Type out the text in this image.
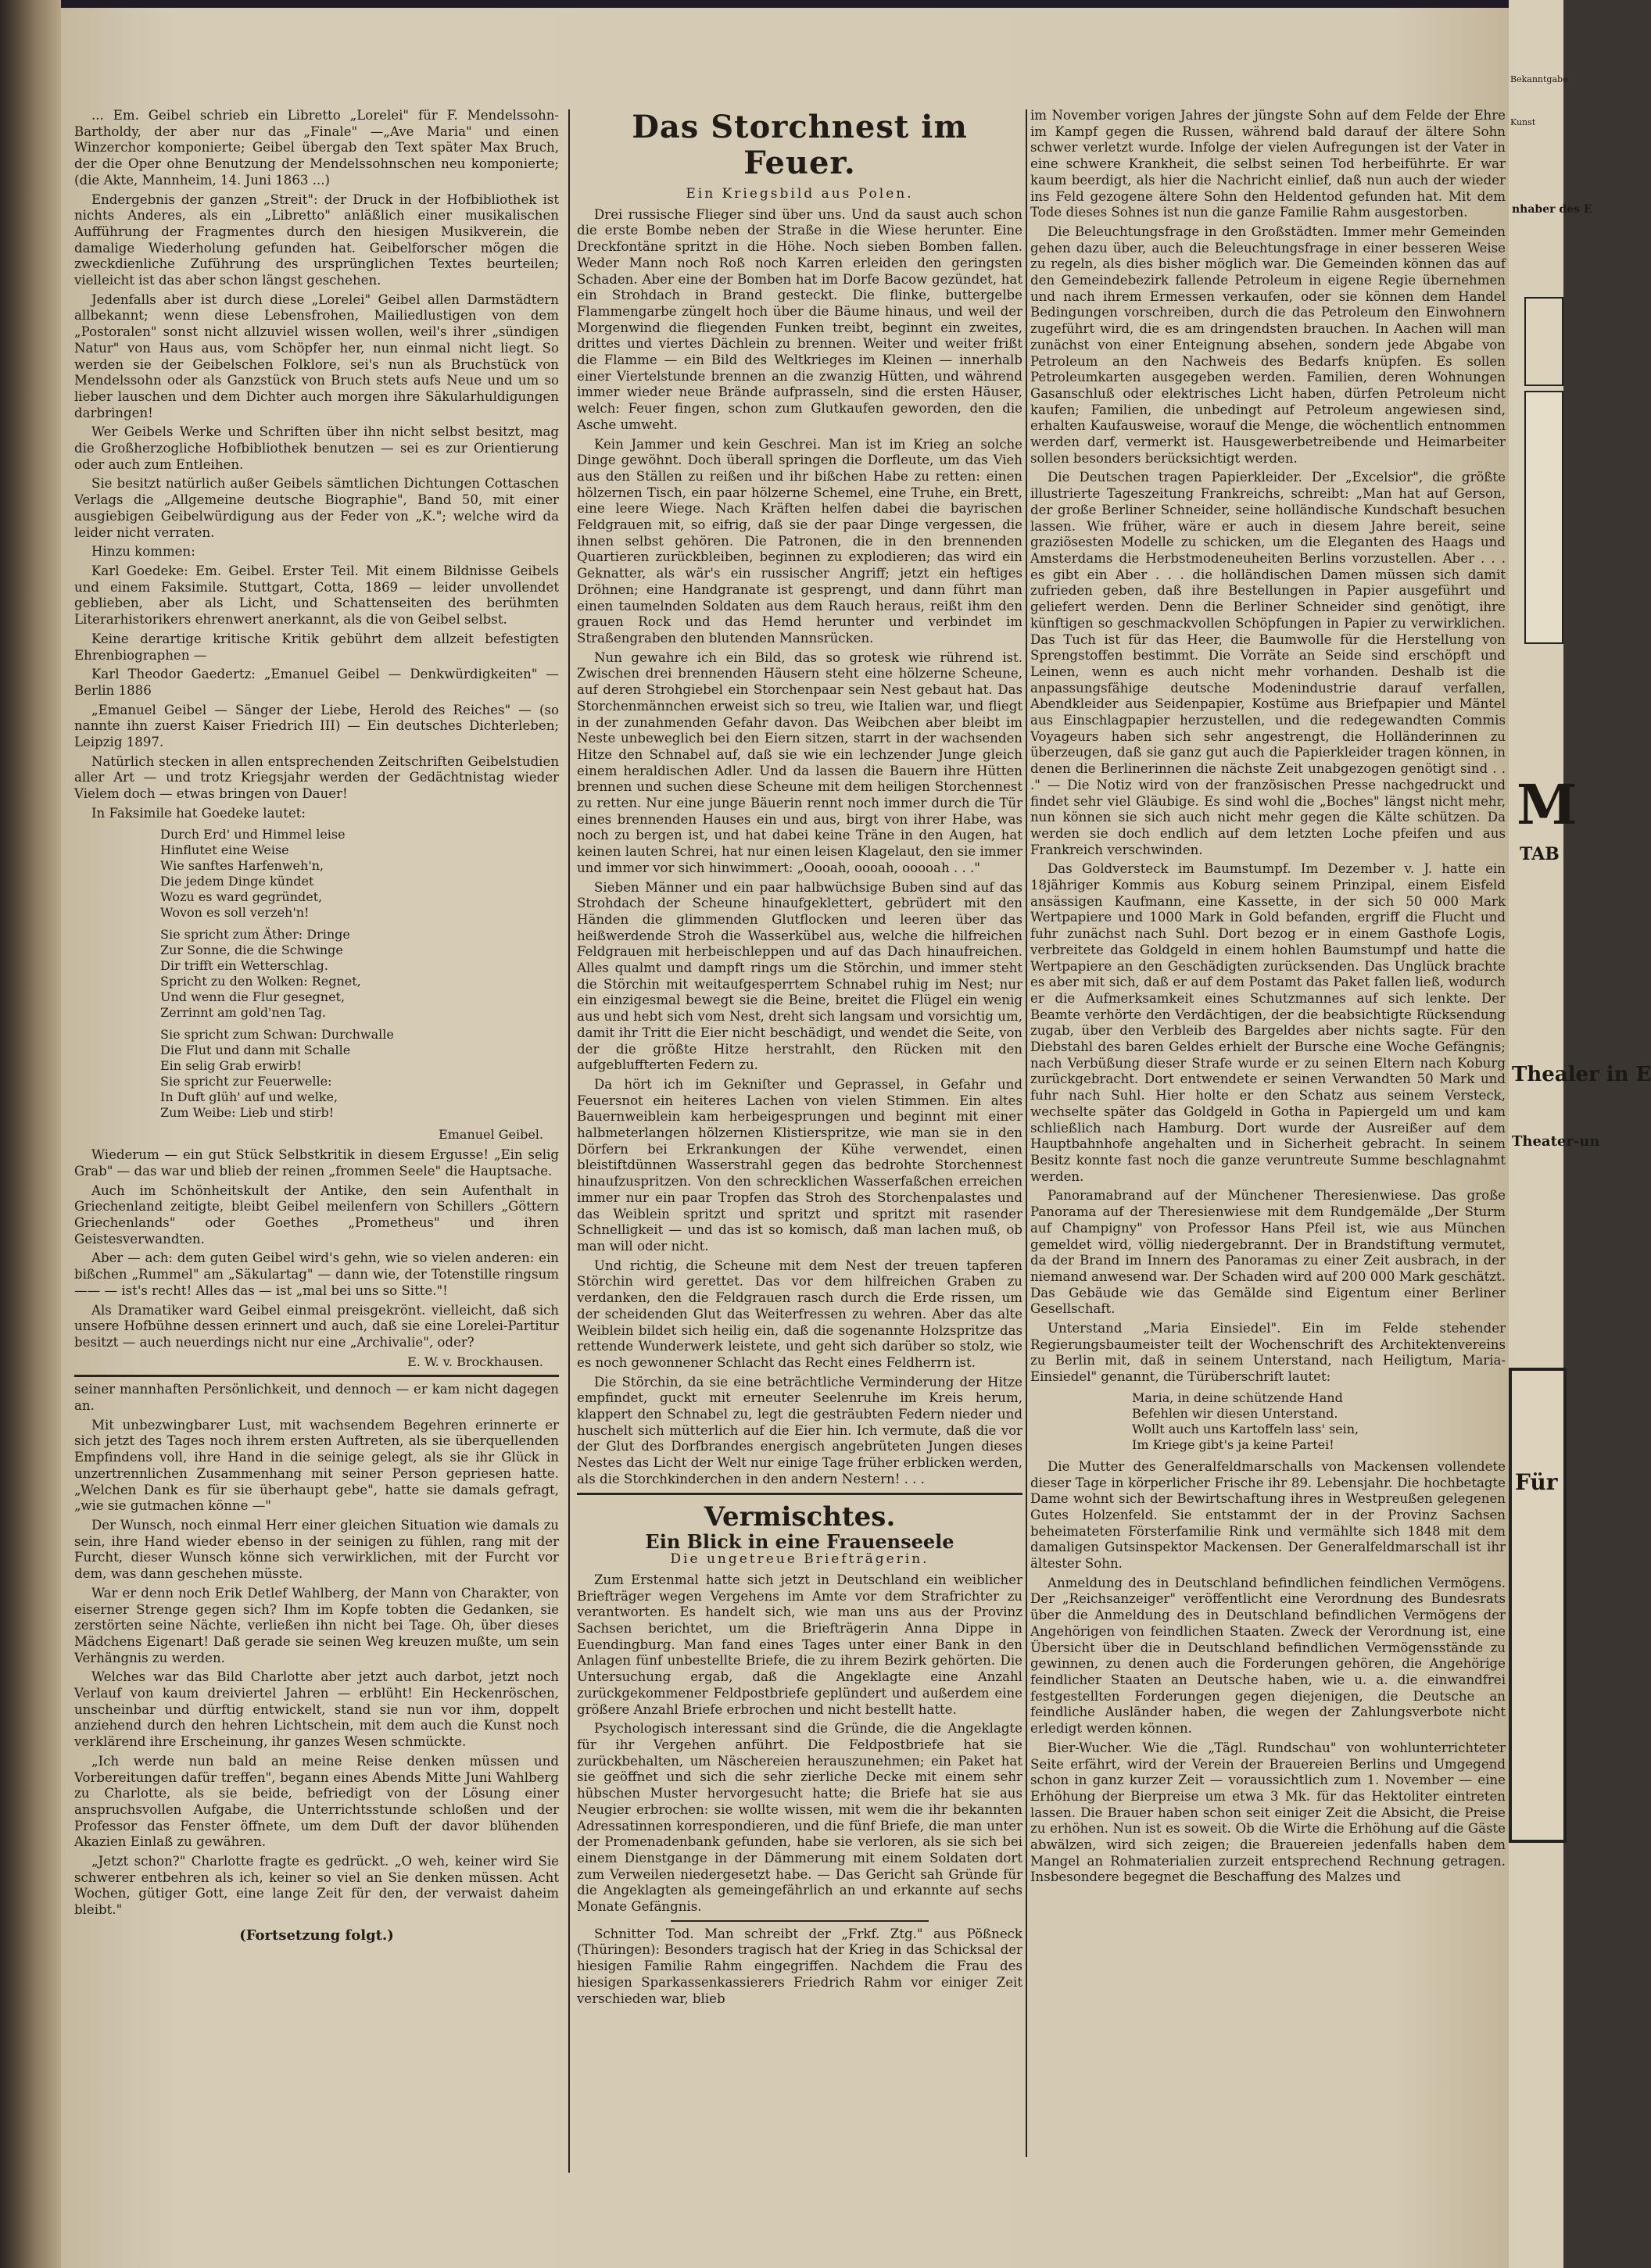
Bekanntgabe
Kunst
nhaber des E
M
TAB
Thealer in E
Theater-un
Für

... Em. Geibel schrieb ein Libretto „Lorelei" für F. Mendelssohn-Bartholdy, der aber nur das „Finale" —„Ave Maria" und einen Winzerchor komponierte; Geibel übergab den Text später Max Bruch, der die Oper ohne Benutzung der Mendelssohnschen neu komponierte; (die Akte, Mannheim, 14. Juni 1863 ...)

Endergebnis der ganzen „Streit": der Druck in der Hofbibliothek ist nichts Anderes, als ein „Libretto" anläßlich einer musikalischen Aufführung der Fragmentes durch den hiesigen Musikverein, die damalige Wiederholung gefunden hat. Geibelforscher mögen die zweckdienliche Zuführung des ursprünglichen Textes beurteilen; vielleicht ist das aber schon längst geschehen.

Jedenfalls aber ist durch diese „Lorelei" Geibel allen Darmstädtern allbekannt; wenn diese Lebensfrohen, Mailiedlustigen von dem „Postoralen" sonst nicht allzuviel wissen wollen, weil's ihrer „sündigen Natur" von Haus aus, vom Schöpfer her, nun einmal nicht liegt. So werden sie der Geibelschen Folklore, sei's nun als Bruchstück von Mendelssohn oder als Ganzstück von Bruch stets aufs Neue und um so lieber lauschen und dem Dichter auch morgen ihre Säkularhuldigungen darbringen!

Wer Geibels Werke und Schriften über ihn nicht selbst besitzt, mag die Großherzogliche Hofbibliothek benutzen — sei es zur Orientierung oder auch zum Entleihen.

Sie besitzt natürlich außer Geibels sämtlichen Dichtungen Cottaschen Verlags die „Allgemeine deutsche Biographie", Band 50, mit einer ausgiebigen Geibelwürdigung aus der Feder von „K."; welche wird da leider nicht verraten.

Hinzu kommen:

Karl Goedeke: Em. Geibel. Erster Teil. Mit einem Bildnisse Geibels und einem Faksimile. Stuttgart, Cotta, 1869 — leider unvollendet geblieben, aber als Licht, und Schattenseiten des berühmten Literarhistorikers ehrenwert anerkannt, als die von Geibel selbst.

Keine derartige kritische Kritik gebührt dem allzeit befestigten Ehrenbiographen —

Karl Theodor Gaedertz: „Emanuel Geibel — Denkwürdigkeiten" — Berlin 1886

„Emanuel Geibel — Sänger der Liebe, Herold des Reiches" — (so nannte ihn zuerst Kaiser Friedrich III) — Ein deutsches Dichterleben; Leipzig 1897.

Natürlich stecken in allen entsprechenden Zeitschriften Geibelstudien aller Art — und trotz Kriegsjahr werden der Gedächtnistag wieder Vielem doch — etwas bringen von Dauer!

In Faksimile hat Goedeke lautet:

Durch Erd' und Himmel leise
Hinflutet eine Weise
Wie sanftes Harfenweh'n,
Die jedem Dinge kündet
Wozu es ward gegründet,
Wovon es soll verzeh'n!
Sie spricht zum Äther: Dringe
Zur Sonne, die die Schwinge
Dir trifft ein Wetterschlag.
Spricht zu den Wolken: Regnet,
Und wenn die Flur gesegnet,
Zerrinnt am gold'nen Tag.
Sie spricht zum Schwan: Durchwalle
Die Flut und dann mit Schalle
Ein selig Grab erwirb!
Sie spricht zur Feuerwelle:
In Duft glüh' auf und welke,
Zum Weibe: Lieb und stirb!
Emanuel Geibel.

Wiederum — ein gut Stück Selbstkritik in diesem Ergusse! „Ein selig Grab" — das war und blieb der reinen „frommen Seele" die Hauptsache.

Auch im Schönheitskult der Antike, den sein Aufenthalt in Griechenland zeitigte, bleibt Geibel meilenfern von Schillers „Göttern Griechenlands" oder Goethes „Prometheus" und ihren Geistesverwandten.

Aber — ach: dem guten Geibel wird's gehn, wie so vielen anderen: ein bißchen „Rummel" am „Säkulartag" — dann wie, der Totenstille ringsum —— — ist's recht! Alles das — ist „mal bei uns so Sitte."!

Als Dramatiker ward Geibel einmal preisgekrönt. vielleicht, daß sich unsere Hofbühne dessen erinnert und auch, daß sie eine Lorelei-Partitur besitzt — auch neuerdings nicht nur eine „Archivalie", oder?

E. W. v. Brockhausen.

seiner mannhaften Persönlichkeit, und dennoch — er kam nicht dagegen an.

Mit unbezwingbarer Lust, mit wachsendem Begehren erinnerte er sich jetzt des Tages noch ihrem ersten Auftreten, als sie überquellenden Empfindens voll, ihre Hand in die seinige gelegt, als sie ihr Glück in unzertrennlichen Zusammenhang mit seiner Person gepriesen hatte. „Welchen Dank es für sie überhaupt gebe", hatte sie damals gefragt, „wie sie gutmachen könne —"

Der Wunsch, noch einmal Herr einer gleichen Situation wie damals zu sein, ihre Hand wieder ebenso in der seinigen zu fühlen, rang mit der Furcht, dieser Wunsch könne sich verwirklichen, mit der Furcht vor dem, was dann geschehen müsste.

War er denn noch Erik Detlef Wahlberg, der Mann von Charakter, von eiserner Strenge gegen sich? Ihm im Kopfe tobten die Gedanken, sie zerstörten seine Nächte, verließen ihn nicht bei Tage. Oh, über dieses Mädchens Eigenart! Daß gerade sie seinen Weg kreuzen mußte, um sein Verhängnis zu werden.

Welches war das Bild Charlotte aber jetzt auch darbot, jetzt noch Verlauf von kaum dreiviertel Jahren — erblüht! Ein Heckenröschen, unscheinbar und dürftig entwickelt, stand sie nun vor ihm, doppelt anziehend durch den hehren Lichtschein, mit dem auch die Kunst noch verklärend ihre Erscheinung, ihr ganzes Wesen schmückte.

„Ich werde nun bald an meine Reise denken müssen und Vorbereitungen dafür treffen", begann eines Abends Mitte Juni Wahlberg zu Charlotte, als sie beide, befriedigt von der Lösung einer anspruchsvollen Aufgabe, die Unterrichtsstunde schloßen und der Professor das Fenster öffnete, um dem Duft der davor blühenden Akazien Einlaß zu gewähren.

„Jetzt schon?" Charlotte fragte es gedrückt. „O weh, keiner wird Sie schwerer entbehren als ich, keiner so viel an Sie denken müssen. Acht Wochen, gütiger Gott, eine lange Zeit für den, der verwaist daheim bleibt."

(Fortsetzung folgt.)
Das Storchnest im Feuer.
Ein Kriegsbild aus Polen.

Drei russische Flieger sind über uns. Und da saust auch schon die erste Bombe neben der Straße in die Wiese herunter. Eine Dreckfontäne spritzt in die Höhe. Noch sieben Bomben fallen. Weder Mann noch Roß noch Karren erleiden den geringsten Schaden. Aber eine der Bomben hat im Dorfe Bacow gezündet, hat ein Strohdach in Brand gesteckt. Die flinke, buttergelbe Flammengarbe züngelt hoch über die Bäume hinaus, und weil der Morgenwind die fliegenden Funken treibt, beginnt ein zweites, drittes und viertes Dächlein zu brennen. Weiter und weiter frißt die Flamme — ein Bild des Weltkrieges im Kleinen — innerhalb einer Viertelstunde brennen an die zwanzig Hütten, und während immer wieder neue Brände aufprasseln, sind die ersten Häuser, welch: Feuer fingen, schon zum Glutkaufen geworden, den die Asche umweht.

Kein Jammer und kein Geschrei. Man ist im Krieg an solche Dinge gewöhnt. Doch überall springen die Dorfleute, um das Vieh aus den Ställen zu reißen und ihr bißchen Habe zu retten: einen hölzernen Tisch, ein paar hölzerne Schemel, eine Truhe, ein Brett, eine leere Wiege. Nach Kräften helfen dabei die bayrischen Feldgrauen mit, so eifrig, daß sie der paar Dinge vergessen, die ihnen selbst gehören. Die Patronen, die in den brennenden Quartieren zurückbleiben, beginnen zu explodieren; das wird ein Geknatter, als wär's ein russischer Angriff; jetzt ein heftiges Dröhnen; eine Handgranate ist gesprengt, und dann führt man einen taumelnden Soldaten aus dem Rauch heraus, reißt ihm den grauen Rock und das Hemd herunter und verbindet im Straßengraben den blutenden Mannsrücken.

Nun gewahre ich ein Bild, das so grotesk wie rührend ist. Zwischen drei brennenden Häusern steht eine hölzerne Scheune, auf deren Strohgiebel ein Storchenpaar sein Nest gebaut hat. Das Storchenmännchen erweist sich so treu, wie Italien war, und fliegt in der zunahmenden Gefahr davon. Das Weibchen aber bleibt im Neste unbeweglich bei den Eiern sitzen, starrt in der wachsenden Hitze den Schnabel auf, daß sie wie ein lechzender Junge gleich einem heraldischen Adler. Und da lassen die Bauern ihre Hütten brennen und suchen diese Scheune mit dem heiligen Storchennest zu retten. Nur eine junge Bäuerin rennt noch immer durch die Tür eines brennenden Hauses ein und aus, birgt von ihrer Habe, was noch zu bergen ist, und hat dabei keine Träne in den Augen, hat keinen lauten Schrei, hat nur einen leisen Klagelaut, den sie immer und immer vor sich hinwimmert: „Oooah, oooah, ooooah . . ."

Sieben Männer und ein paar halbwüchsige Buben sind auf das Strohdach der Scheune hinaufgeklettert, gebrüdert mit den Händen die glimmenden Glutflocken und leeren über das heißwerdende Stroh die Wasserkübel aus, welche die hilfreichen Feldgrauen mit herbeischleppen und auf das Dach hinaufreichen. Alles qualmt und dampft rings um die Störchin, und immer steht die Störchin mit weitaufgesperrtem Schnabel ruhig im Nest; nur ein einzigesmal bewegt sie die Beine, breitet die Flügel ein wenig aus und hebt sich vom Nest, dreht sich langsam und vorsichtig um, damit ihr Tritt die Eier nicht beschädigt, und wendet die Seite, von der die größte Hitze herstrahlt, den Rücken mit den aufgebluffterten Federn zu.

Da hört ich im Gekniſter und Geprassel, in Gefahr und Feuersnot ein heiteres Lachen von vielen Stimmen. Ein altes Bauernweiblein kam herbeigesprungen und beginnt mit einer halbmeterlangen hölzernen Klistierspritze, wie man sie in den Dörfern bei Erkrankungen der Kühe verwendet, einen bleistiftdünnen Wasserstrahl gegen das bedrohte Storchennest hinaufzuspritzen. Von den schrecklichen Wasserfaßchen erreichen immer nur ein paar Tropfen das Stroh des Storchenpalastes und das Weiblein spritzt und spritzt und spritzt mit rasender Schnelligkeit — und das ist so komisch, daß man lachen muß, ob man will oder nicht.

Und richtig, die Scheune mit dem Nest der treuen tapferen Störchin wird gerettet. Das vor dem hilfreichen Graben zu verdanken, den die Feldgrauen rasch durch die Erde rissen, um der scheidenden Glut das Weiterfressen zu wehren. Aber das alte Weiblein bildet sich heilig ein, daß die sogenannte Holzspritze das rettende Wunderwerk leistete, und geht sich darüber so stolz, wie es noch gewonnener Schlacht das Recht eines Feldherrn ist.

Die Störchin, da sie eine beträchtliche Verminderung der Hitze empfindet, guckt mit erneuter Seelenruhe im Kreis herum, klappert den Schnabel zu, legt die gesträubten Federn nieder und huschelt sich mütterlich auf die Eier hin. Ich vermute, daß die vor der Glut des Dorfbrandes energisch angebrüteten Jungen dieses Nestes das Licht der Welt nur einige Tage früher erblicken werden, als die Storchkinderchen in den andern Nestern! . . .

Vermischtes.
Ein Blick in eine Frauenseele
Die ungetreue Briefträgerin.

Zum Erstenmal hatte sich jetzt in Deutschland ein weiblicher Briefträger wegen Vergehens im Amte vor dem Strafrichter zu verantworten. Es handelt sich, wie man uns aus der Provinz Sachsen berichtet, um die Briefträgerin Anna Dippe in Euendingburg. Man fand eines Tages unter einer Bank in den Anlagen fünf unbestellte Briefe, die zu ihrem Bezirk gehörten. Die Untersuchung ergab, daß die Angeklagte eine Anzahl zurückgekommener Feldpostbriefe geplündert und außerdem eine größere Anzahl Briefe erbrochen und nicht bestellt hatte.

Psychologisch interessant sind die Gründe, die die Angeklagte für ihr Vergehen anführt. Die Feldpostbriefe hat sie zurückbehalten, um Näschereien herauszunehmen; ein Paket hat sie geöffnet und sich die sehr zierliche Decke mit einem sehr hübschen Muster hervorgesucht hatte; die Briefe hat sie aus Neugier erbrochen: sie wollte wissen, mit wem die ihr bekannten Adressatinnen korrespondieren, und die fünf Briefe, die man unter der Promenadenbank gefunden, habe sie verloren, als sie sich bei einem Dienstgange in der Dämmerung mit einem Soldaten dort zum Verweilen niedergesetzt habe. — Das Gericht sah Gründe für die Angeklagten als gemeingefährlich an und erkannte auf sechs Monate Gefängnis.

Schnitter Tod. Man schreibt der „Frkf. Ztg." aus Pößneck (Thüringen): Besonders tragisch hat der Krieg in das Schicksal der hiesigen Familie Rahm eingegriffen. Nachdem die Frau des hiesigen Sparkassenkassierers Friedrich Rahm vor einiger Zeit verschieden war, blieb

im November vorigen Jahres der jüngste Sohn auf dem Felde der Ehre im Kampf gegen die Russen, während bald darauf der ältere Sohn schwer verletzt wurde. Infolge der vielen Aufregungen ist der Vater in eine schwere Krankheit, die selbst seinen Tod herbeiführte. Er war kaum beerdigt, als hier die Nachricht einlief, daß nun auch der wieder ins Feld gezogene ältere Sohn den Heldentod gefunden hat. Mit dem Tode dieses Sohnes ist nun die ganze Familie Rahm ausgestorben.

Die Beleuchtungsfrage in den Großstädten. Immer mehr Gemeinden gehen dazu über, auch die Beleuchtungsfrage in einer besseren Weise zu regeln, als dies bisher möglich war. Die Gemeinden können das auf den Gemeindebezirk fallende Petroleum in eigene Regie übernehmen und nach ihrem Ermessen verkaufen, oder sie können dem Handel Bedingungen vorschreiben, durch die das Petroleum den Einwohnern zugeführt wird, die es am dringendsten brauchen. In Aachen will man zunächst von einer Enteignung absehen, sondern jede Abgabe von Petroleum an den Nachweis des Bedarfs knüpfen. Es sollen Petroleumkarten ausgegeben werden. Familien, deren Wohnungen Gasanschluß oder elektrisches Licht haben, dürfen Petroleum nicht kaufen; Familien, die unbedingt auf Petroleum angewiesen sind, erhalten Kaufausweise, worauf die Menge, die wöchentlich entnommen werden darf, vermerkt ist. Hausgewerbetreibende und Heimarbeiter sollen besonders berücksichtigt werden.

Die Deutschen tragen Papierkleider. Der „Excelsior", die größte illustrierte Tageszeitung Frankreichs, schreibt: „Man hat auf Gerson, der große Berliner Schneider, seine holländische Kundschaft besuchen lassen. Wie früher, wäre er auch in diesem Jahre bereit, seine graziösesten Modelle zu schicken, um die Eleganten des Haags und Amsterdams die Herbstmodeneuheiten Berlins vorzustellen. Aber . . . es gibt ein Aber . . . die holländischen Damen müssen sich damit zufrieden geben, daß ihre Bestellungen in Papier ausgeführt und geliefert werden. Denn die Berliner Schneider sind genötigt, ihre künftigen so geschmackvollen Schöpfungen in Papier zu verwirklichen. Das Tuch ist für das Heer, die Baumwolle für die Herstellung von Sprengstoffen bestimmt. Die Vorräte an Seide sind erschöpft und Leinen, wenn es auch nicht mehr vorhanden. Deshalb ist die anpassungsfähige deutsche Modenindustrie darauf verfallen, Abendkleider aus Seidenpapier, Kostüme aus Briefpapier und Mäntel aus Einschlagpapier herzustellen, und die redegewandten Commis Voyageurs haben sich sehr angestrengt, die Holländerinnen zu überzeugen, daß sie ganz gut auch die Papierkleider tragen können, in denen die Berlinerinnen die nächste Zeit unabgezogen genötigt sind . . ." — Die Notiz wird von der französischen Presse nachgedruckt und findet sehr viel Gläubige. Es sind wohl die „Boches" längst nicht mehr, nun können sie sich auch nicht mehr gegen die Kälte schützen. Da werden sie doch endlich auf dem letzten Loche pfeifen und aus Frankreich verschwinden.

Das Goldversteck im Baumstumpf. Im Dezember v. J. hatte ein 18jähriger Kommis aus Koburg seinem Prinzipal, einem Eisfeld ansässigen Kaufmann, eine Kassette, in der sich 50 000 Mark Wertpapiere und 1000 Mark in Gold befanden, ergriff die Flucht und fuhr zunächst nach Suhl. Dort bezog er in einem Gasthofe Logis, verbreitete das Goldgeld in einem hohlen Baumstumpf und hatte die Wertpapiere an den Geschädigten zurücksenden. Das Unglück brachte es aber mit sich, daß er auf dem Postamt das Paket fallen ließ, wodurch er die Aufmerksamkeit eines Schutzmannes auf sich lenkte. Der Beamte verhörte den Verdächtigen, der die beabsichtigte Rücksendung zugab, über den Verbleib des Bargeldes aber nichts sagte. Für den Diebstahl des baren Geldes erhielt der Bursche eine Woche Gefängnis; nach Verbüßung dieser Strafe wurde er zu seinen Eltern nach Koburg zurückgebracht. Dort entwendete er seinen Verwandten 50 Mark und fuhr nach Suhl. Hier holte er den Schatz aus seinem Versteck, wechselte später das Goldgeld in Gotha in Papiergeld um und kam schließlich nach Hamburg. Dort wurde der Ausreißer auf dem Hauptbahnhofe angehalten und in Sicherheit gebracht. In seinem Besitz konnte fast noch die ganze veruntreute Summe beschlagnahmt werden.

Panoramabrand auf der Münchener Theresienwiese. Das große Panorama auf der Theresienwiese mit dem Rundgemälde „Der Sturm auf Champigny" von Professor Hans Pfeil ist, wie aus München gemeldet wird, völlig niedergebrannt. Der in Brandstiftung vermutet, da der Brand im Innern des Panoramas zu einer Zeit ausbrach, in der niemand anwesend war. Der Schaden wird auf 200 000 Mark geschätzt. Das Gebäude wie das Gemälde sind Eigentum einer Berliner Gesellschaft.

Unterstand „Maria Einsiedel". Ein im Felde stehender Regierungsbaumeister teilt der Wochenschrift des Architektenvereins zu Berlin mit, daß in seinem Unterstand, nach Heiligtum, Maria-Einsiedel" genannt, die Türüberschrift lautet:

Maria, in deine schützende Hand
Befehlen wir diesen Unterstand.
Wollt auch uns Kartoffeln lass' sein,
Im Kriege gibt's ja keine Partei!

Die Mutter des Generalfeldmarschalls von Mackensen vollendete dieser Tage in körperlicher Frische ihr 89. Lebensjahr. Die hochbetagte Dame wohnt sich der Bewirtschaftung ihres in Westpreußen gelegenen Gutes Holzenfeld. Sie entstammt der in der Provinz Sachsen beheimateten Försterfamilie Rink und vermählte sich 1848 mit dem damaligen Gutsinspektor Mackensen. Der Generalfeldmarschall ist ihr ältester Sohn.

Anmeldung des in Deutschland befindlichen feindlichen Vermögens. Der „Reichsanzeiger" veröffentlicht eine Verordnung des Bundesrats über die Anmeldung des in Deutschland befindlichen Vermögens der Angehörigen von feindlichen Staaten. Zweck der Verordnung ist, eine Übersicht über die in Deutschland befindlichen Vermögensstände zu gewinnen, zu denen auch die Forderungen gehören, die Angehörige feindlicher Staaten an Deutsche haben, wie u. a. die einwandfrei festgestellten Forderungen gegen diejenigen, die Deutsche an feindliche Ausländer haben, die wegen der Zahlungsverbote nicht erledigt werden können.

Bier-Wucher. Wie die „Tägl. Rundschau" von wohlunterrichteter Seite erfährt, wird der Verein der Brauereien Berlins und Umgegend schon in ganz kurzer Zeit — voraussichtlich zum 1. November — eine Erhöhung der Bierpreise um etwa 3 Mk. für das Hektoliter eintreten lassen. Die Brauer haben schon seit einiger Zeit die Absicht, die Preise zu erhöhen. Nun ist es soweit. Ob die Wirte die Erhöhung auf die Gäste abwälzen, wird sich zeigen; die Brauereien jedenfalls haben dem Mangel an Rohmaterialien zurzeit entsprechend Rechnung getragen. Insbesondere begegnet die Beschaffung des Malzes und
